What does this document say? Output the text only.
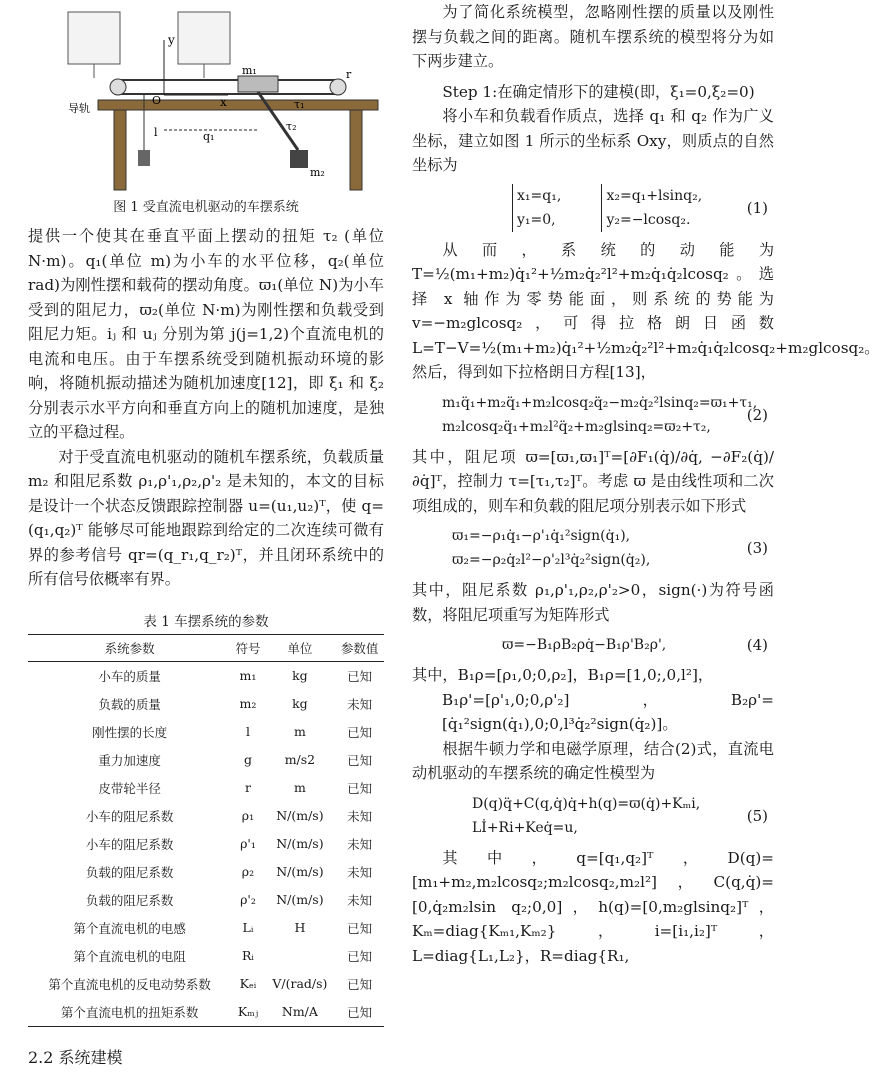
y
x
O
q₁
m₁
m₂
l
r
τ₁
τ₂
导轨
图 1 受直流电机驱动的车摆系统

提供一个使其在垂直平面上摆动的扭矩 τ₂ (单位 N·m)。q₁(单位 m)为小车的水平位移，q₂(单位 rad)为刚性摆和载荷的摆动角度。ϖ₁(单位 N)为小车受到的阻尼力，ϖ₂(单位 N·m)为刚性摆和负载受到阻尼力矩。iⱼ 和 uⱼ 分别为第 j(j=1,2)个直流电机的电流和电压。由于车摆系统受到随机振动环境的影响，将随机振动描述为随机加速度[12]，即 ξ₁ 和 ξ₂ 分别表示水平方向和垂直方向上的随机加速度，是独立的平稳过程。

对于受直流电机驱动的随机车摆系统，负载质量 m₂ 和阻尼系数 ρ₁,ρ'₁,ρ₂,ρ'₂ 是未知的，本文的目标是设计一个状态反馈跟踪控制器 u=(u₁,u₂)ᵀ，使 q=(q₁,q₂)ᵀ 能够尽可能地跟踪到给定的二次连续可微有界的参考信号 qr=(q_r₁,q_r₂)ᵀ，并且闭环系统中的所有信号依概率有界。

表 1 车摆系统的参数
系统参数	符号	单位	参数值
小车的质量	m₁	kg	已知
负载的质量	m₂	kg	未知
刚性摆的长度	l	m	已知
重力加速度	g	m/s2	已知
皮带轮半径	r	m	已知
小车的阻尼系数	ρ₁	N/(m/s)	未知
小车的阻尼系数	ρ'₁	N/(m/s)	未知
负载的阻尼系数	ρ₂	N/(m/s)	未知
负载的阻尼系数	ρ'₂	N/(m/s)	未知
第个直流电机的电感	Lᵢ	H	已知
第个直流电机的电阻	Rᵢ		已知
第个直流电机的反电动势系数	Kₑᵢ	V/(rad/s)	已知
第个直流电机的扭矩系数	Kₘⱼ	Nm/A	已知
2.2 系统建模

为了简化系统模型，忽略刚性摆的质量以及刚性摆与负载之间的距离。随机车摆系统的模型将分为如下两步建立。

Step 1:在确定情形下的建模(即，ξ₁=0,ξ₂=0)

将小车和负载看作质点，选择 q₁ 和 q₂ 作为广义坐标，建立如图 1 所示的坐标系 Oxy，则质点的自然坐标为

(1)
x₁=q₁,
y₁=0,

x₂=q₁+lsinq₂,
y₂=−lcosq₂.

从而，系统的动能为 T=½(m₁+m₂)q̇₁²+½m₂q̇₂²l²+m₂q̇₁q̇₂lcosq₂。选择 x 轴作为零势能面，则系统的势能为 v=−m₂glcosq₂，可得拉格朗日函数 L=T−V=½(m₁+m₂)q̇₁²+½m₂q̇₂²l²+m₂q̇₁q̇₂lcosq₂+m₂glcosq₂。然后，得到如下拉格朗日方程[13]，

(2)
m₁q̈₁+m₂q̈₁+m₂lcosq₂q̈₂−m₂q̇₂²lsinq₂=ϖ₁+τ₁,
m₂lcosq₂q̈₁+m₂l²q̈₂+m₂glsinq₂=ϖ₂+τ₂,

其中，阻尼项 ϖ=[ϖ₁,ϖ₁]ᵀ=[∂F₁(q̇)/∂q̇, −∂F₂(q̇)/∂q̇]ᵀ，控制力 τ=[τ₁,τ₂]ᵀ。考虑 ϖ 是由线性项和二次项组成的，则车和负载的阻尼项分别表示如下形式

(3)
ϖ₁=−ρ₁q̇₁−ρ'₁q̇₁²sign(q̇₁),
ϖ₂=−ρ₂q̇₂l²−ρ'₂l³q̇₂²sign(q̇₂),

其中，阻尼系数 ρ₁,ρ'₁,ρ₂,ρ'₂>0，sign(·)为符号函数，将阻尼项重写为矩阵形式

(4)
ϖ=−B₁ρB₂ρq̇−B₁ρ'B₂ρ',

其中，B₁ρ=[ρ₁,0;0,ρ₂]，B₁ρ=[1,0;,0,l²]，

B₁ρ'=[ρ'₁,0;0,ρ'₂]，B₂ρ'=[q̇₁²sign(q̇₁),0;0,l³q̇₂²sign(q̇₂)]。

根据牛顿力学和电磁学原理，结合(2)式，直流电动机驱动的车摆系统的确定性模型为

(5)
D(q)q̈+C(q,q̇)q̇+h(q)=ϖ(q̇)+Kₘi,
Lİ+Ri+Keq̇=u,

其中，q=[q₁,q₂]ᵀ，D(q)=[m₁+m₂,m₂lcosq₂;m₂lcosq₂,m₂l²]，C(q,q̇)=[0,q̇₂m₂lsin q₂;0,0]，h(q)=[0,m₂glsinq₂]ᵀ，Kₘ=diag{Kₘ₁,Kₘ₂}，i=[i₁,i₂]ᵀ，L=diag{L₁,L₂}，R=diag{R₁,
